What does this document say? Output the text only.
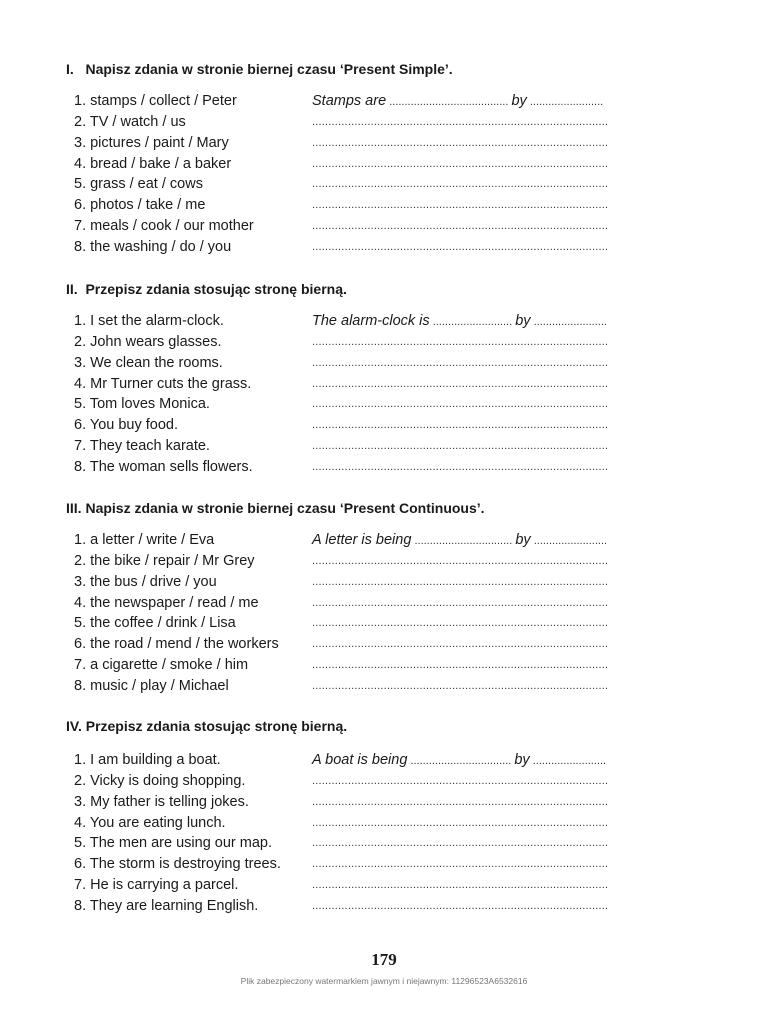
I. Napisz zdania w stronie biernej czasu ‘Present Simple’.
1. stamps / collect / Peter	Stamps are ....................................... by ........................
2. TV / watch / us	...........................................................................................
3. pictures / paint / Mary	...........................................................................................
4. bread / bake / a baker	...........................................................................................
5. grass / eat / cows	...........................................................................................
6. photos / take / me	...........................................................................................
7. meals / cook / our mother	...........................................................................................
8. the washing / do / you	...........................................................................................
II. Przepisz zdania stosując stronę bierną.
1. I set the alarm-clock.	The alarm-clock is .......................... by ........................
2. John wears glasses.	...........................................................................................
3. We clean the rooms.	...........................................................................................
4. Mr Turner cuts the grass.	...........................................................................................
5. Tom loves Monica.	...........................................................................................
6. You buy food.	...........................................................................................
7. They teach karate.	...........................................................................................
8. The woman sells flowers.	...........................................................................................
III. Napisz zdania w stronie biernej czasu ‘Present Continuous’.
1. a letter / write / Eva	A letter is being ................................ by ........................
2. the bike / repair / Mr Grey	...........................................................................................
3. the bus / drive / you	...........................................................................................
4. the newspaper / read / me	...........................................................................................
5. the coffee / drink / Lisa	...........................................................................................
6. the road / mend / the workers	...........................................................................................
7. a cigarette / smoke / him	...........................................................................................
8. music / play / Michael	...........................................................................................
IV. Przepisz zdania stosując stronę bierną.
1. I am building a boat.	A boat is being ................................. by ........................
2. Vicky is doing shopping.	...........................................................................................
3. My father is telling jokes.	...........................................................................................
4. You are eating lunch.	...........................................................................................
5. The men are using our map.	...........................................................................................
6. The storm is destroying trees.	...........................................................................................
7. He is carrying a parcel.	...........................................................................................
8. They are learning English.	...........................................................................................
179
Plik zabezpieczony watermarkiem jawnym i niejawnym: 11296523A6532616
